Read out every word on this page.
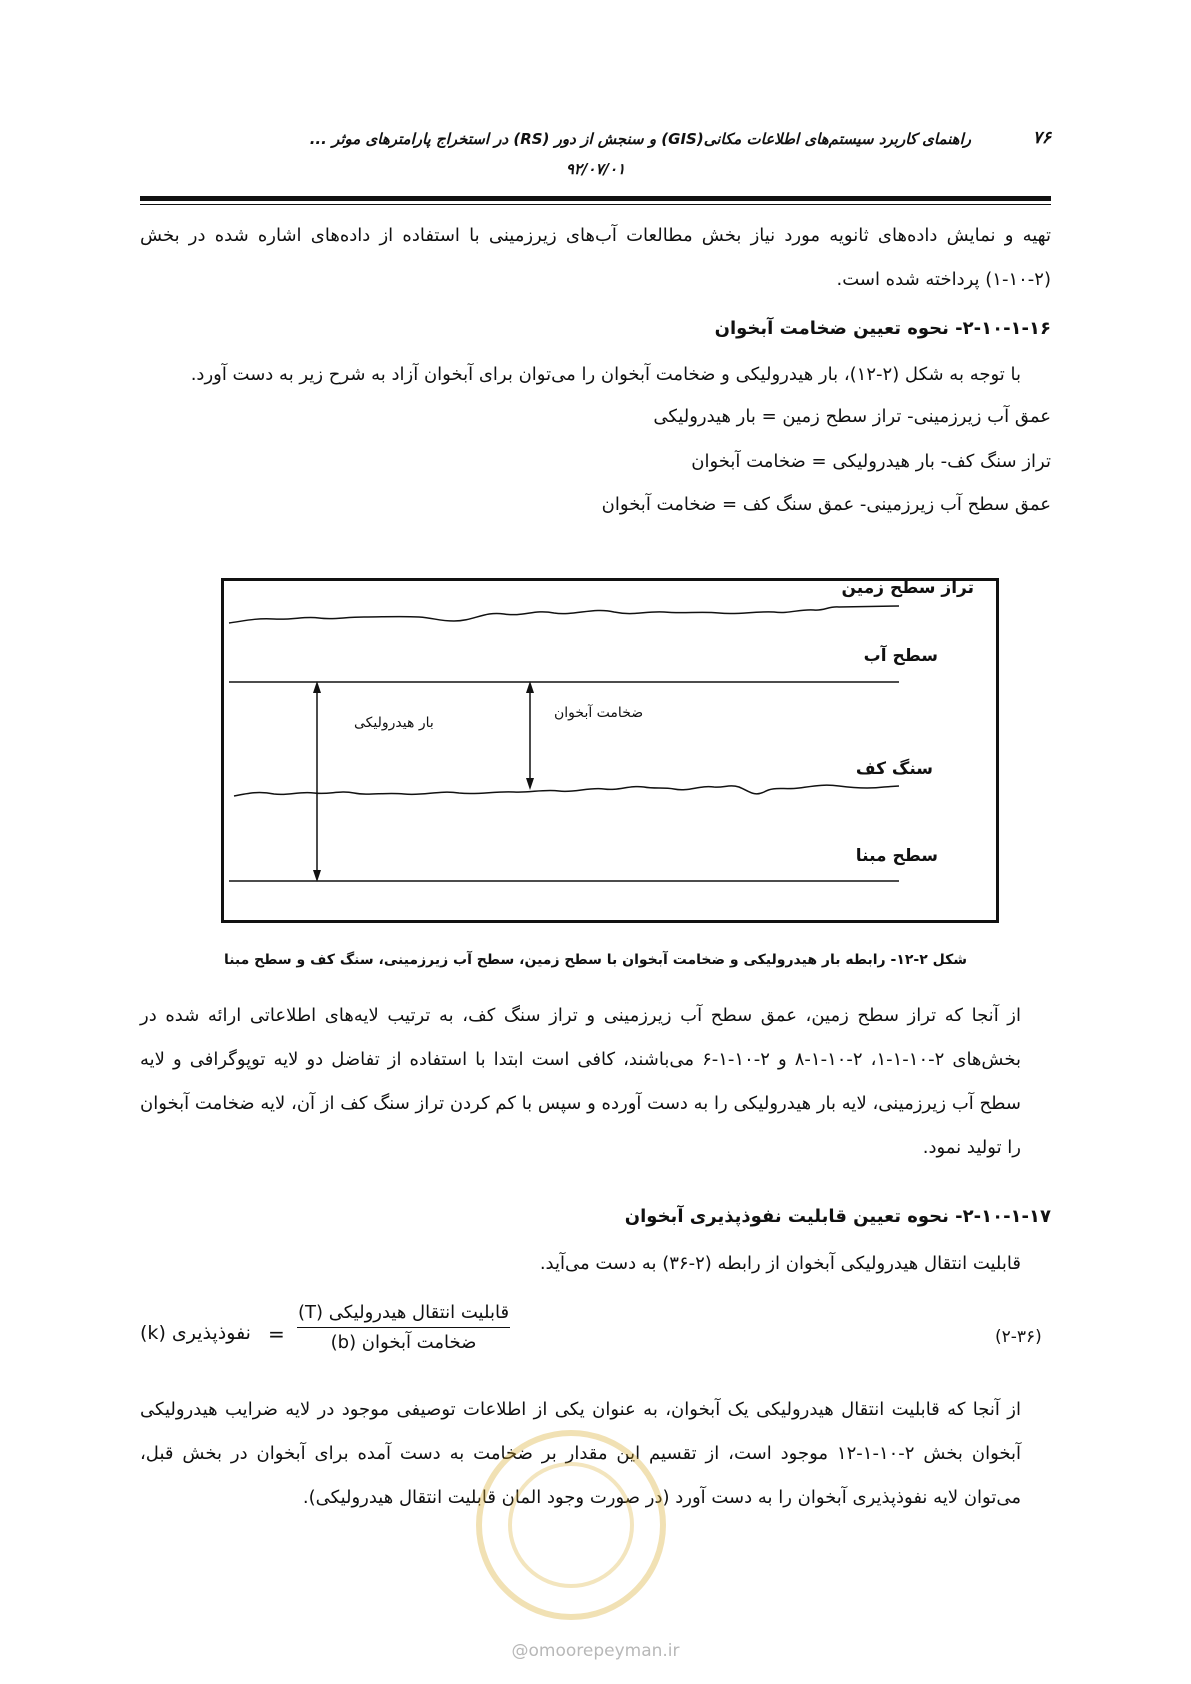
۷۶
راهنمای کاربرد سیستم‌های اطلاعات مکانی(GIS) و سنجش از دور (RS) در استخراج پارامترهای موثر ...
۹۲/۰۷/۰۱
تهیه و نمایش داده‌های ثانویه مورد نیاز بخش مطالعات آب‌های زیرزمینی با استفاده از داده‌های اشاره شده در بخش (۲-۱۰-۱) پرداخته شده است.
۲-۱۰-۱-۱۶- نحوه تعیین ضخامت آبخوان
با توجه به شکل (۲-۱۲)، بار هیدرولیکی و ضخامت آبخوان را می‌توان برای آبخوان آزاد به شرح زیر به دست آورد.
عمق آب زیرزمینی- تراز سطح زمین = بار هیدرولیکی
تراز سنگ کف- بار هیدرولیکی = ضخامت آبخوان
عمق سطح آب زیرزمینی- عمق سنگ کف = ضخامت آبخوان
تراز سطح زمین
سطح آب
سنگ کف
سطح مبنا
بار هیدرولیکی
ضخامت آبخوان
شکل ۲-۱۲- رابطه بار هیدرولیکی و ضخامت آبخوان با سطح زمین، سطح آب زیرزمینی، سنگ کف و سطح مبنا
از آنجا که تراز سطح زمین، عمق سطح آب زیرزمینی و تراز سنگ کف، به ترتیب لایه‌های اطلاعاتی ارائه شده در بخش‌های ۲-۱۰-۱-۱، ۲-۱۰-۱-۸ و ۲-۱۰-۱-۶ می‌باشند، کافی است ابتدا با استفاده از تفاضل دو لایه توپوگرافی و لایه سطح آب زیرزمینی، لایه بار هیدرولیکی را به دست آورده و سپس با کم کردن تراز سنگ کف از آن، لایه ضخامت آبخوان را تولید نمود.
۲-۱۰-۱-۱۷- نحوه تعیین قابلیت نفوذپذیری آبخوان
قابلیت انتقال هیدرولیکی آبخوان از رابطه (۲-۳۶) به دست می‌آید.
(۲-۳۶)
نفوذپذیری (k) =
قابلیت انتقال هیدرولیکی (T)
ضخامت آبخوان (b)
از آنجا که قابلیت انتقال هیدرولیکی یک آبخوان، به عنوان یکی از اطلاعات توصیفی موجود در لایه ضرایب هیدرولیکی آبخوان بخش ۲-۱۰-۱-۱۲ موجود است، از تقسیم این مقدار بر ضخامت به دست آمده برای آبخوان در بخش قبل، می‌توان لایه نفوذپذیری آبخوان را به دست آورد (در صورت وجود المان قابلیت انتقال هیدرولیکی).
@omoorepeyman.ir
